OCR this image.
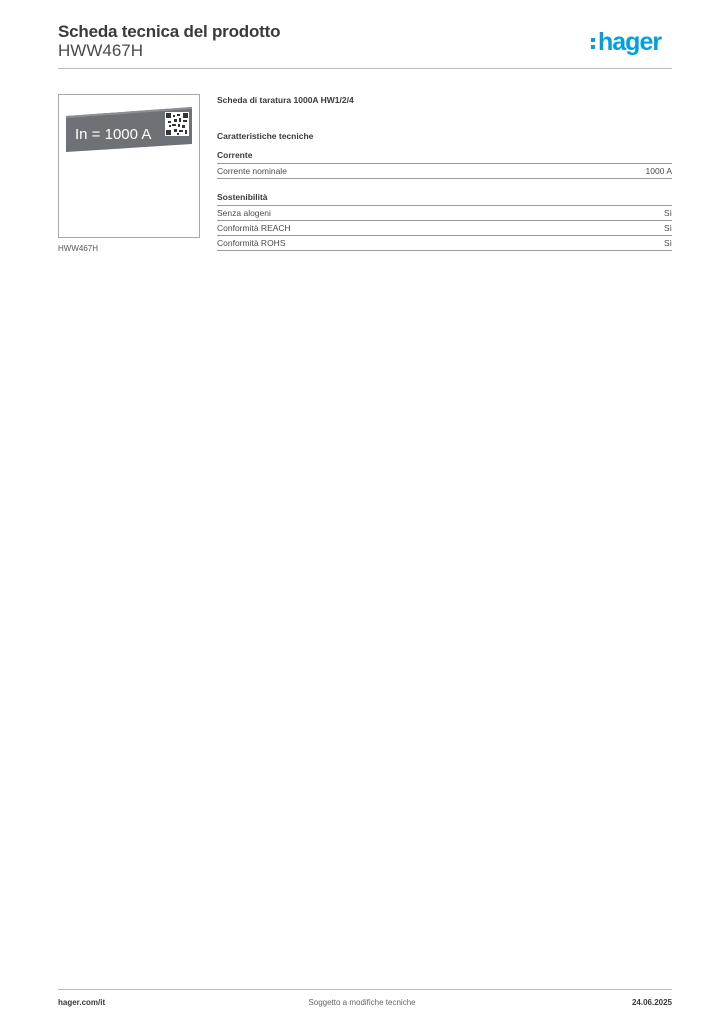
Scheda tecnica del prodotto
HWW467H	hager
In = 1000 A
HWW467H
Scheda di taratura 1000A HW1/2/4
Caratteristiche tecniche
Corrente
Corrente nominale	1000 A
Sostenibilità
Senza alogeni	Sì
Conformità REACH	Sì
Conformità ROHS	Sì
hager.com/it	Soggetto a modifiche tecniche	24.06.2025
